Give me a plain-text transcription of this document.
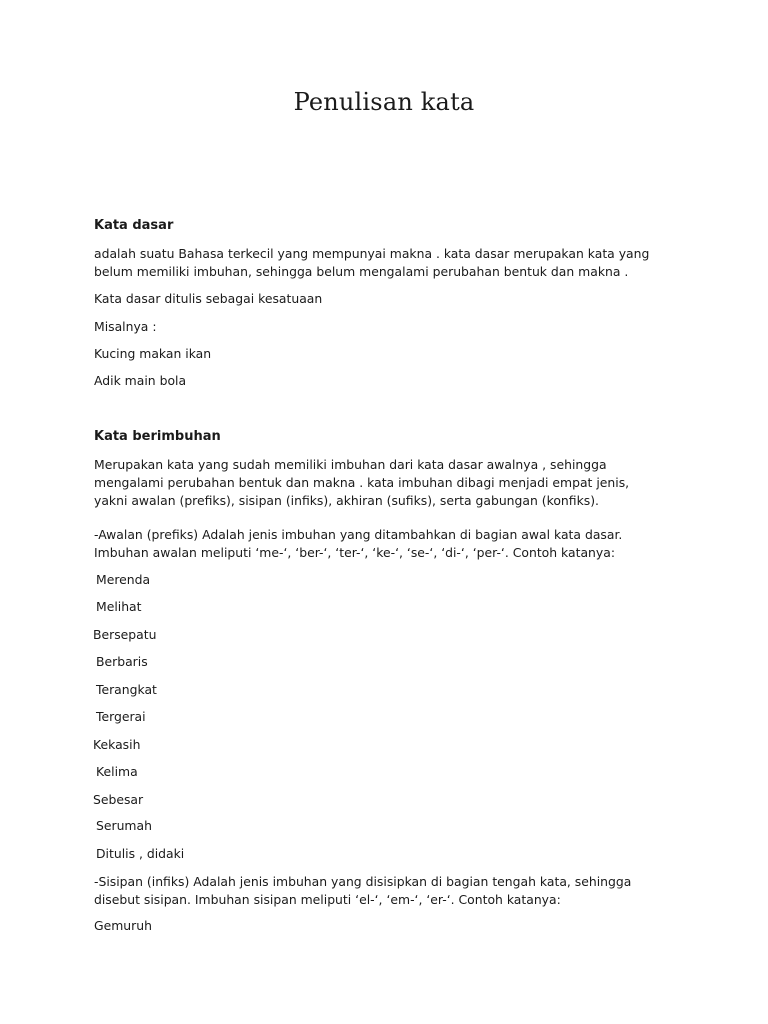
Penulisan kata
Kata dasar
adalah suatu Bahasa terkecil yang mempunyai makna . kata dasar merupakan kata yang belum memiliki imbuhan, sehingga belum mengalami perubahan bentuk dan makna .
Kata dasar ditulis sebagai kesatuaan
Misalnya :
Kucing makan ikan
Adik main bola
Kata berimbuhan
Merupakan kata yang sudah memiliki imbuhan dari kata dasar awalnya , sehingga mengalami perubahan bentuk dan makna . kata imbuhan dibagi menjadi empat jenis, yakni awalan (prefiks), sisipan (infiks), akhiran (sufiks), serta gabungan (konfiks).
-Awalan (prefiks) Adalah jenis imbuhan yang ditambahkan di bagian awal kata dasar. Imbuhan awalan meliputi ‘me-‘, ‘ber-‘, ‘ter-‘, ‘ke-‘, ‘se-‘, ‘di-‘, ‘per-‘. Contoh katanya:
Merenda
Melihat
Bersepatu
Berbaris
Terangkat
Tergerai
Kekasih
Kelima
Sebesar
Serumah
Ditulis , didaki
-Sisipan (infiks) Adalah jenis imbuhan yang disisipkan di bagian tengah kata, sehingga disebut sisipan. Imbuhan sisipan meliputi ‘el-‘, ‘em-‘, ‘er-‘. Contoh katanya:
Gemuruh
